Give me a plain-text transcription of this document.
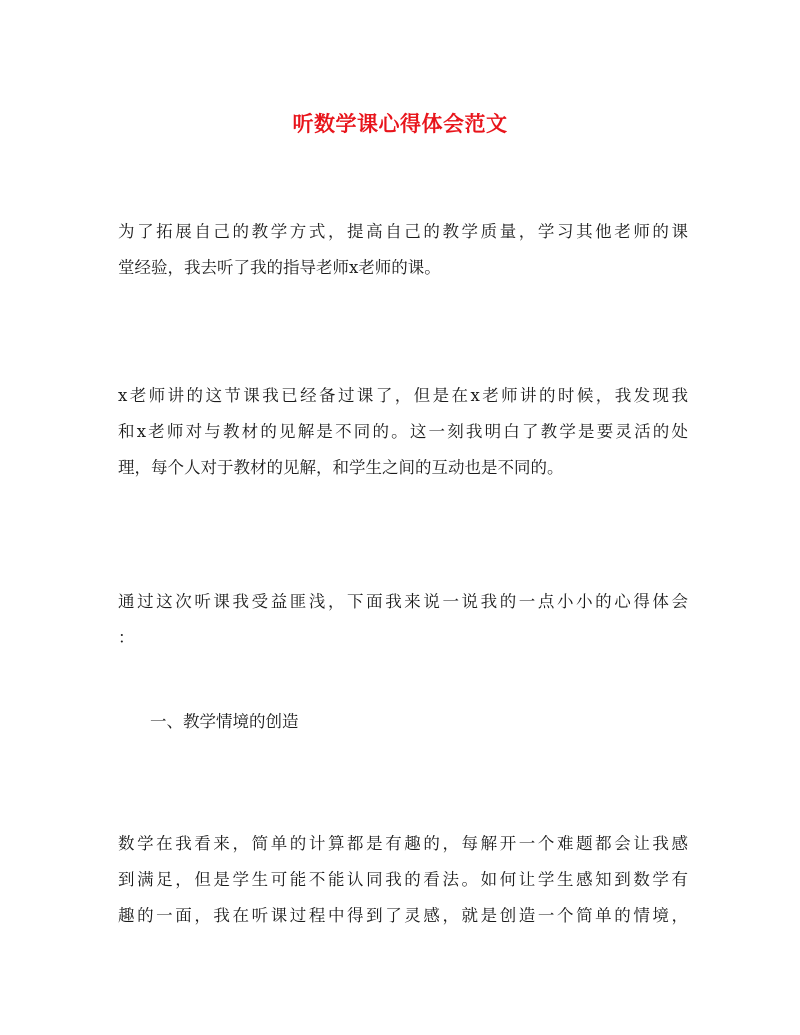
听数学课心得体会范文

为了拓展自己的教学方式，提高自己的教学质量，学习其他老师的课
堂经验，我去听了我的指导老师x老师的课。

x老师讲的这节课我已经备过课了，但是在x老师讲的时候，我发现我
和x老师对与教材的见解是不同的。这一刻我明白了教学是要灵活的处
理，每个人对于教材的见解，和学生之间的互动也是不同的。

通过这次听课我受益匪浅，下面我来说一说我的一点小小的心得体会
：

一、教学情境的创造

数学在我看来，简单的计算都是有趣的，每解开一个难题都会让我感
到满足，但是学生可能不能认同我的看法。如何让学生感知到数学有
趣的一面，我在听课过程中得到了灵感，就是创造一个简单的情境，
